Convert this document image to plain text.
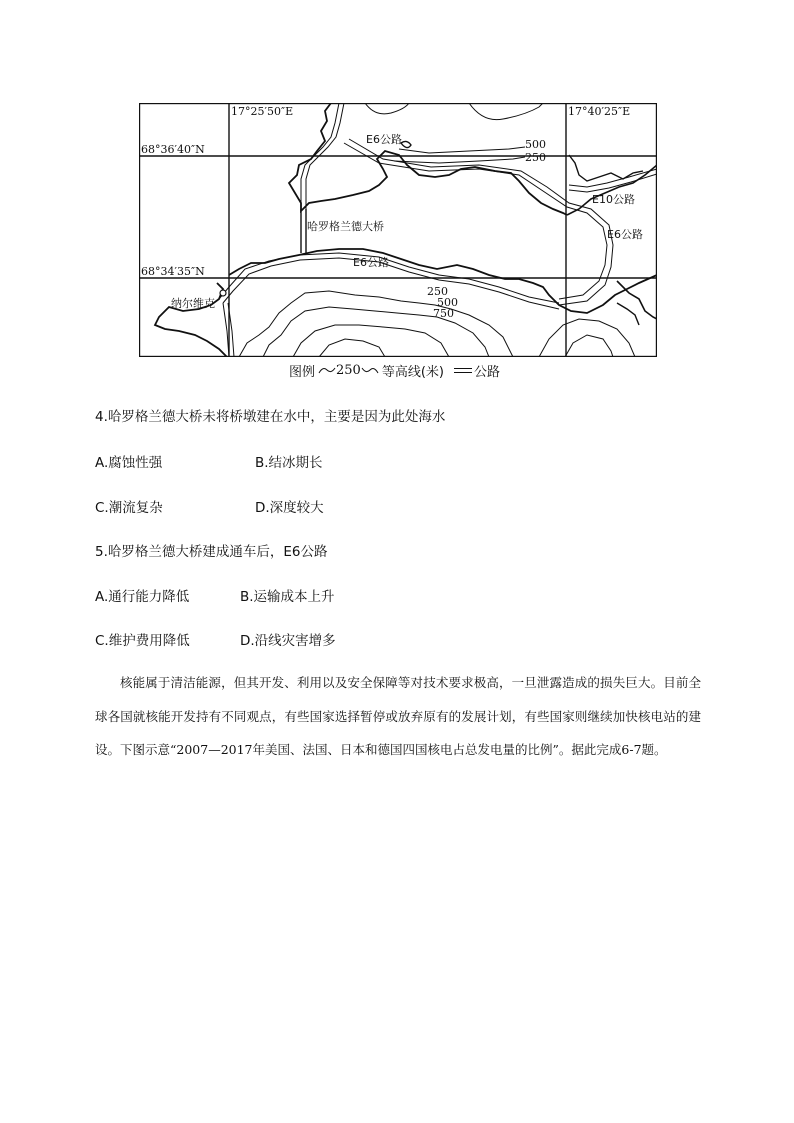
17°25′50″E	17°40′25″E
68°36′40″N
68°34′35″N
E6公路
哈罗格兰德大桥
E6公路
E6公路
E10公路
纳尔维克
500
250
250
500
750
图例 250 等高线(米) 公路
4.哈罗格兰德大桥未将桥墩建在水中，主要是因为此处海水
A.腐蚀性强	B.结冰期长
C.潮流复杂	D.深度较大
5.哈罗格兰德大桥建成通车后，E6公路
A.通行能力降低	B.运输成本上升
C.维护费用降低	D.沿线灾害增多

核能属于清洁能源，但其开发、利用以及安全保障等对技术要求极高，一旦泄露造成的损失巨大。目前全球各国就核能开发持有不同观点，有些国家选择暂停或放弃原有的发展计划，有些国家则继续加快核电站的建设。下图示意“2007—2017年美国、法国、日本和德国四国核电占总发电量的比例”。据此完成6-7题。
